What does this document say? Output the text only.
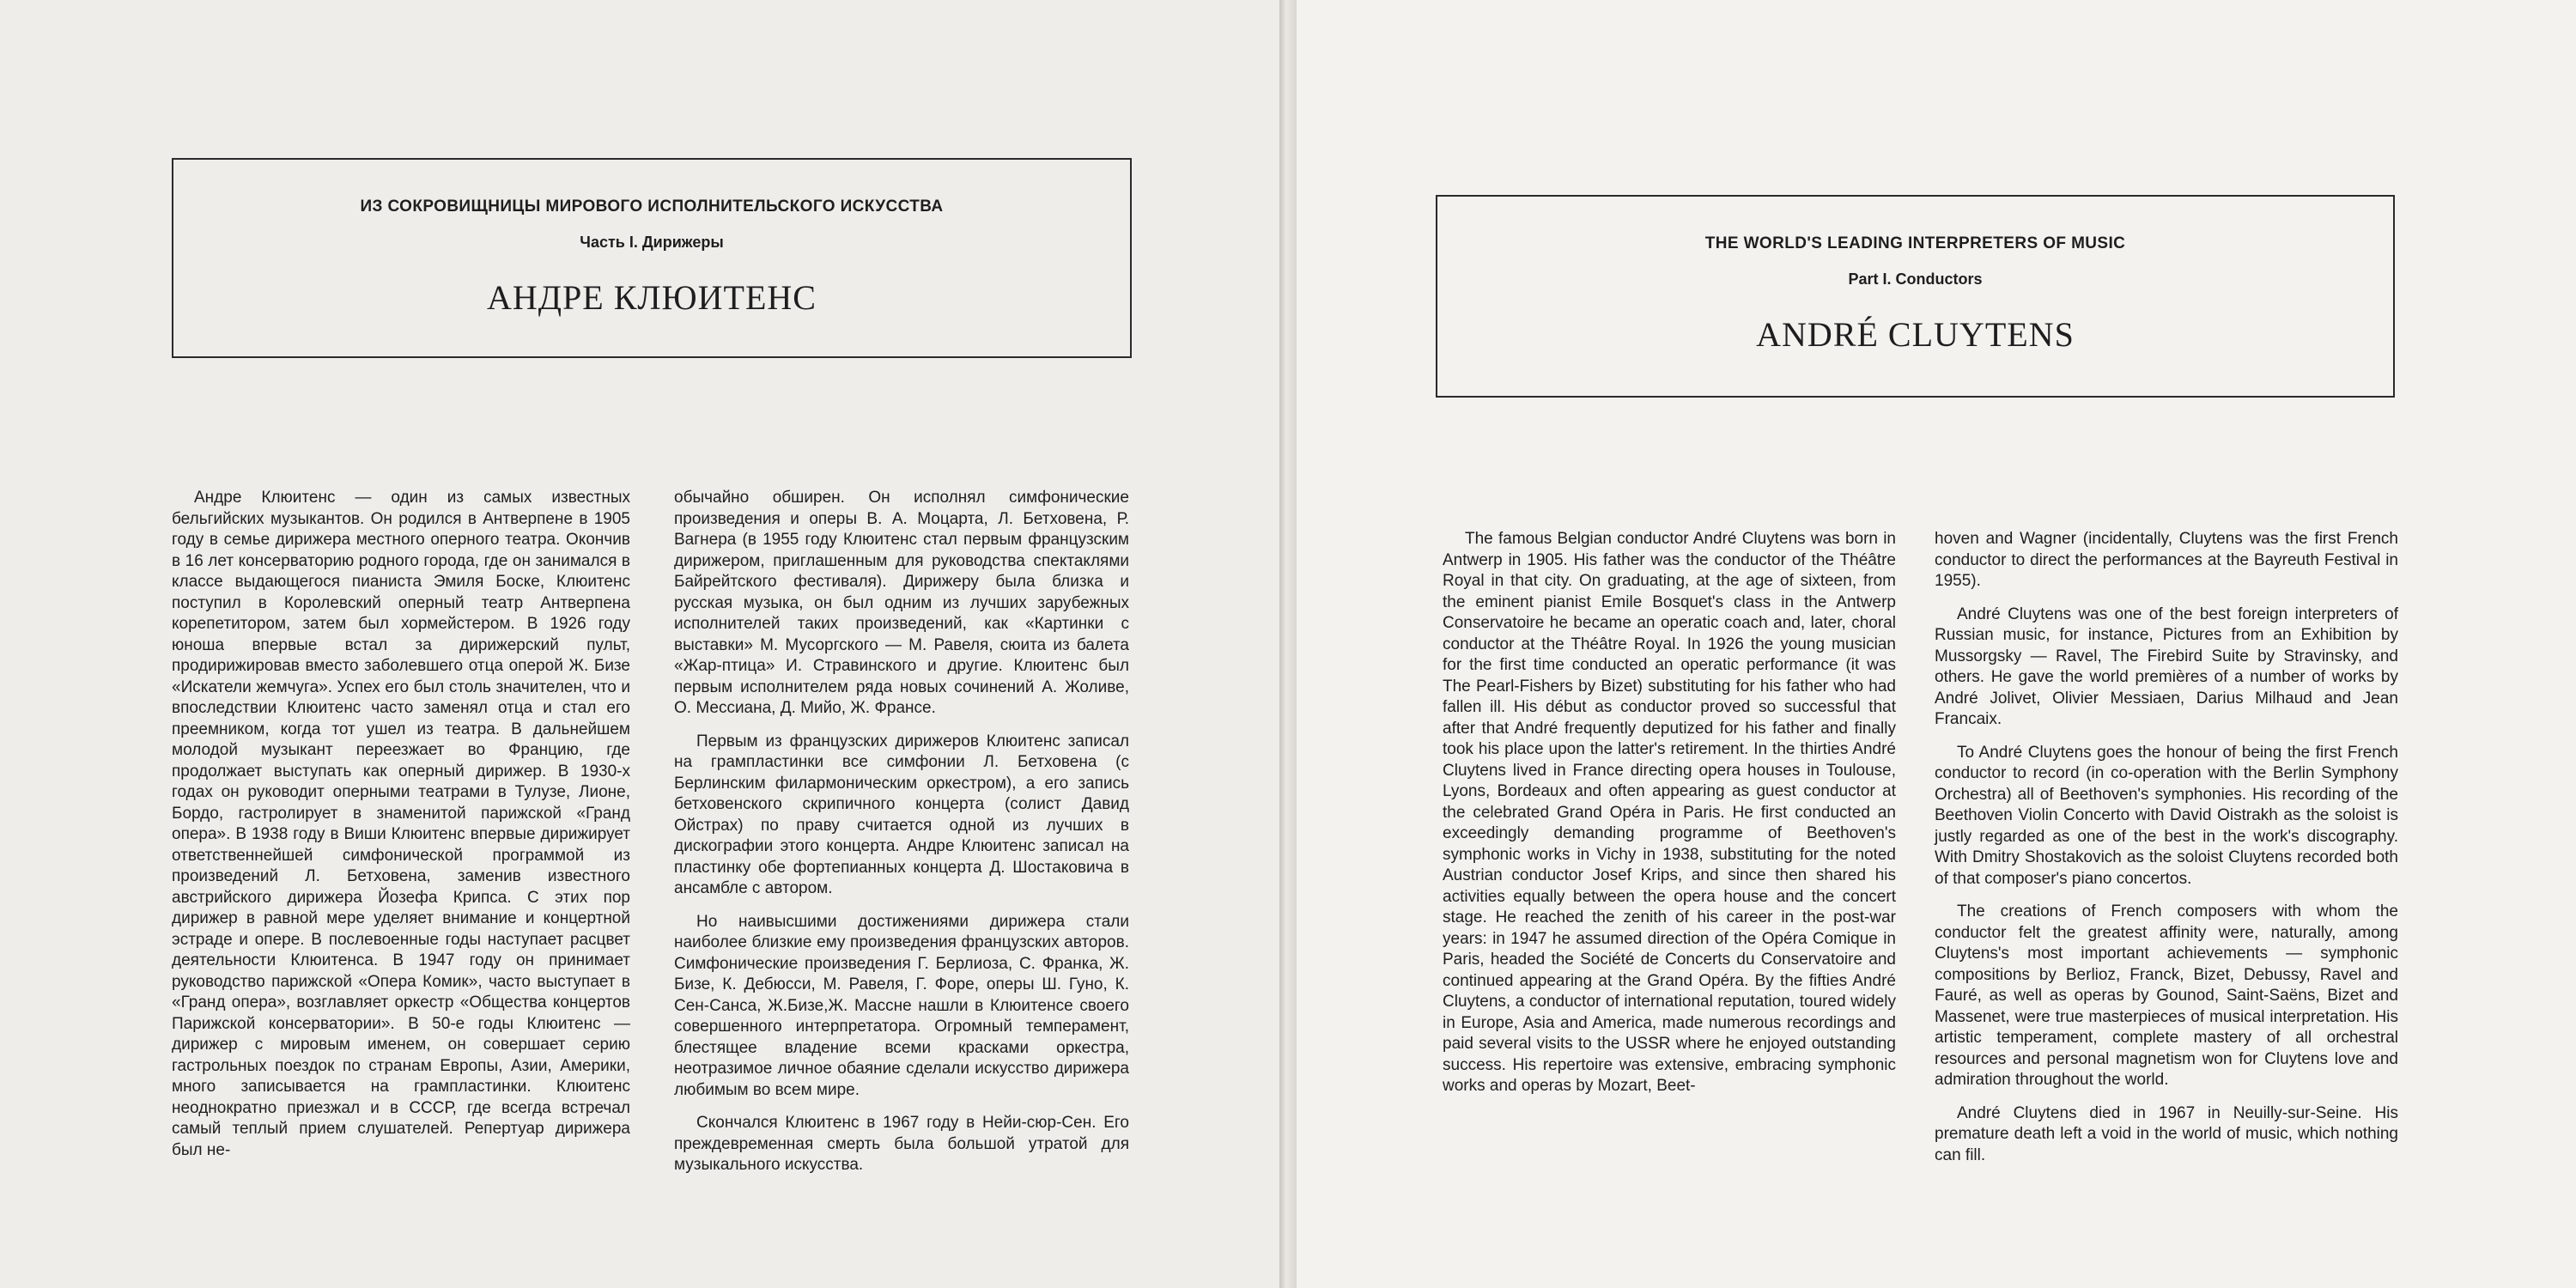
ИЗ СОКРОВИЩНИЦЫ МИРОВОГО ИСПОЛНИТЕЛЬСКОГО ИСКУССТВА
Часть I. Дирижеры
АНДРЕ КЛЮИТЕНС

Андре Клюитенс — один из самых известных бельгийских музыкантов. Он родился в Антверпене в 1905 году в семье дирижера местного оперного театра. Окончив в 16 лет консерваторию родного города, где он занимался в классе выдающегося пианиста Эмиля Боске, Клюитенс поступил в Королевский оперный театр Антверпена корепетитором, затем был хормейстером. В 1926 году юноша впервые встал за дирижерский пульт, продирижировав вместо заболевшего отца оперой Ж. Бизе «Искатели жемчуга». Успех его был столь значителен, что и впоследствии Клюитенс часто заменял отца и стал его преемником, когда тот ушел из театра. В дальнейшем молодой музыкант переезжает во Францию, где продолжает выступать как оперный дирижер. В 1930-х годах он руководит оперными театрами в Тулузе, Лионе, Бордо, гастролирует в знаменитой парижской «Гранд опера». В 1938 году в Виши Клюитенс впервые дирижирует ответственнейшей симфонической программой из произведений Л. Бетховена, заменив известного австрийского дирижера Йозефа Крипса. С этих пор дирижер в равной мере уделяет внимание и концертной эстраде и опере. В послевоенные годы наступает расцвет деятельности Клюитенса. В 1947 году он принимает руководство парижской «Опера Комик», часто выступает в «Гранд опера», возглавляет оркестр «Общества концертов Парижской консерватории». В 50-е годы Клюитенс — дирижер с мировым именем, он совершает серию гастрольных поездок по странам Европы, Азии, Америки, много записывается на грампластинки. Клюитенс неоднократно приезжал и в СССР, где всегда встречал самый теплый прием слушателей. Репертуар дирижера был не-

обычайно обширен. Он исполнял симфонические произведения и оперы В. А. Моцарта, Л. Бетховена, Р. Вагнера (в 1955 году Клюитенс стал первым французским дирижером, приглашенным для руководства спектаклями Байрейтского фестиваля). Дирижеру была близка и русская музыка, он был одним из лучших зарубежных исполнителей таких произведений, как «Картинки с выставки» М. Мусоргского — М. Равеля, сюита из балета «Жар-птица» И. Стравинского и другие. Клюитенс был первым исполнителем ряда новых сочинений А. Жоливе, О. Мессиана, Д. Мийо, Ж. Франсе.

Первым из французских дирижеров Клюитенс записал на грампластинки все симфонии Л. Бетховена (с Берлинским филармоническим оркестром), а его запись бетховенского скрипичного концерта (солист Давид Ойстрах) по праву считается одной из лучших в дискографии этого концерта. Андре Клюитенс записал на пластинку обе фортепианных концерта Д. Шостаковича в ансамбле с автором.

Но наивысшими достижениями дирижера стали наиболее близкие ему произведения французских авторов. Симфонические произведения Г. Берлиоза, С. Франка, Ж. Бизе, К. Дебюсси, М. Равеля, Г. Форе, оперы Ш. Гуно, К. Сен-Санса, Ж.Бизе,Ж. Массне нашли в Клюитенсе своего совершенного интерпретатора. Огромный темперамент, блестящее владение всеми красками оркестра, неотразимое личное обаяние сделали искусство дирижера любимым во всем мире.

Скончался Клюитенс в 1967 году в Нейи-сюр-Сен. Его преждевременная смерть была большой утратой для музыкального искусства.

THE WORLD'S LEADING INTERPRETERS OF MUSIC
Part I. Conductors
ANDRÉ CLUYTENS

The famous Belgian conductor André Cluytens was born in Antwerp in 1905. His father was the conductor of the Théâtre Royal in that city. On graduating, at the age of sixteen, from the eminent pianist Emile Bosquet's class in the Antwerp Conservatoire he became an operatic coach and, later, choral conductor at the Théâtre Royal. In 1926 the young musician for the first time conducted an operatic performance (it was The Pearl-Fishers by Bizet) substituting for his father who had fallen ill. His début as conductor proved so successful that after that André frequently deputized for his father and finally took his place upon the latter's retirement. In the thirties André Cluytens lived in France directing opera houses in Toulouse, Lyons, Bordeaux and often appearing as guest conductor at the celebrated Grand Opéra in Paris. He first conducted an exceedingly demanding programme of Beethoven's symphonic works in Vichy in 1938, substituting for the noted Austrian conductor Josef Krips, and since then shared his activities equally between the opera house and the concert stage. He reached the zenith of his career in the post-war years: in 1947 he assumed direction of the Opéra Comique in Paris, headed the Société de Concerts du Conservatoire and continued appearing at the Grand Opéra. By the fifties André Cluytens, a conductor of international reputation, toured widely in Europe, Asia and America, made numerous recordings and paid several visits to the USSR where he enjoyed outstanding success. His repertoire was extensive, embracing symphonic works and operas by Mozart, Beet-

hoven and Wagner (incidentally, Cluytens was the first French conductor to direct the performances at the Bayreuth Festival in 1955).

André Cluytens was one of the best foreign interpreters of Russian music, for instance, Pictures from an Exhibition by Mussorgsky — Ravel, The Firebird Suite by Stravinsky, and others. He gave the world premières of a number of works by André Jolivet, Olivier Messiaen, Darius Milhaud and Jean Francaix.

To André Cluytens goes the honour of being the first French conductor to record (in co-operation with the Berlin Symphony Orchestra) all of Beethoven's symphonies. His recording of the Beethoven Violin Concerto with David Oistrakh as the soloist is justly regarded as one of the best in the work's discography. With Dmitry Shostakovich as the soloist Cluytens recorded both of that composer's piano concertos.

The creations of French composers with whom the conductor felt the greatest affinity were, naturally, among Cluytens's most important achievements — symphonic compositions by Berlioz, Franck, Bizet, Debussy, Ravel and Fauré, as well as operas by Gounod, Saint-Saëns, Bizet and Massenet, were true masterpieces of musical interpretation. His artistic temperament, complete mastery of all orchestral resources and personal magnetism won for Cluytens love and admiration throughout the world.

André Cluytens died in 1967 in Neuilly-sur-Seine. His premature death left a void in the world of music, which nothing can fill.
